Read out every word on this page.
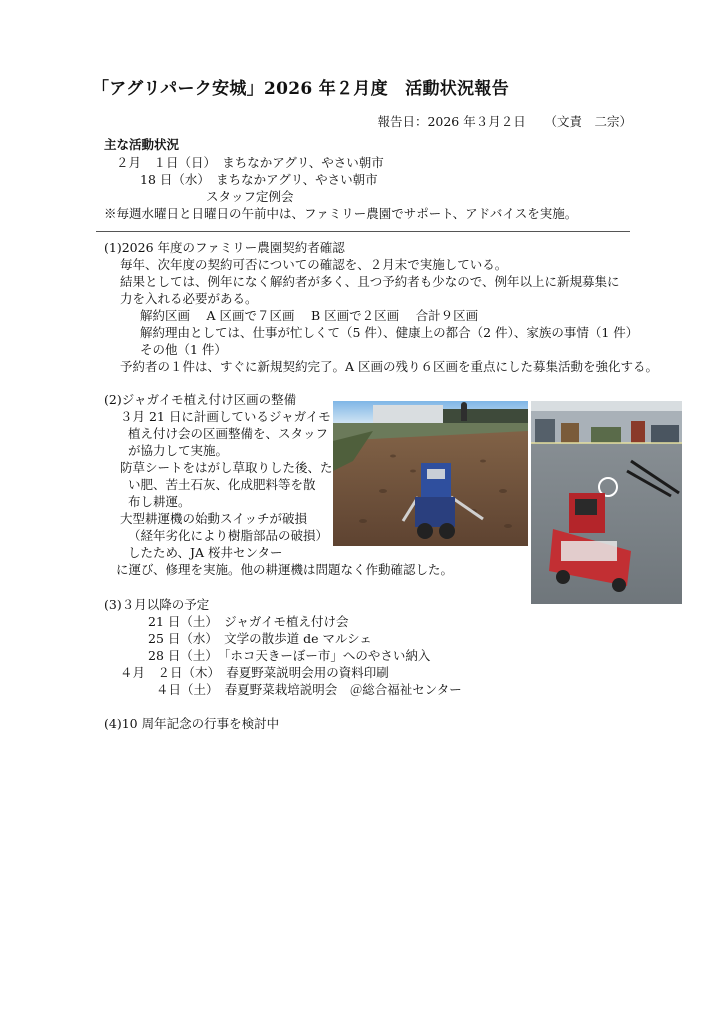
「アグリパーク安城」2026 年２月度　活動状況報告
報告日：2026 年３月２日　　（文責　二宗）
主な活動状況
２月　１日（日）　まちなかアグリ、やさい朝市
18 日（水）　まちなかアグリ、やさい朝市
スタッフ定例会
※毎週水曜日と日曜日の午前中は、ファミリー農園でサポート、アドバイスを実施。
(1)2026 年度のファミリー農園契約者確認
毎年、次年度の契約可否についての確認を、２月末で実施している。
結果としては、例年になく解約者が多く、且つ予約者も少なので、例年以上に新規募集に
力を入れる必要がある。
解約区画　 A 区画で７区画　 B 区画で２区画　 合計９区画
解約理由としては、仕事が忙しくて（5 件）、健康上の都合（2 件）、家族の事情（1 件）
その他（1 件）
予約者の１件は、すぐに新規契約完了。A 区画の残り６区画を重点にした募集活動を強化する。
(2)ジャガイモ植え付け区画の整備
３月 21 日に計画しているジャガイモ
植え付け会の区画整備を、スタッフ
が協力して実施。
防草シートをはがし草取りした後、た
い肥、苦土石灰、化成肥料等を散
布し耕運。
大型耕運機の始動スイッチが破損
（経年劣化により樹脂部品の破損）
したため、JA 桜井センター
に運び、修理を実施。他の耕運機は問題なく作動確認した。
(3)３月以降の予定
21 日（土）　ジャガイモ植え付け会
25 日（水）　文学の散歩道 de マルシェ
28 日（土）　「ホコ天きーぼー市」へのやさい納入
４月　２日（木）　春夏野菜説明会用の資料印刷
４日（土）　春夏野菜栽培説明会　＠総合福祉センター
(4)10 周年記念の行事を検討中
